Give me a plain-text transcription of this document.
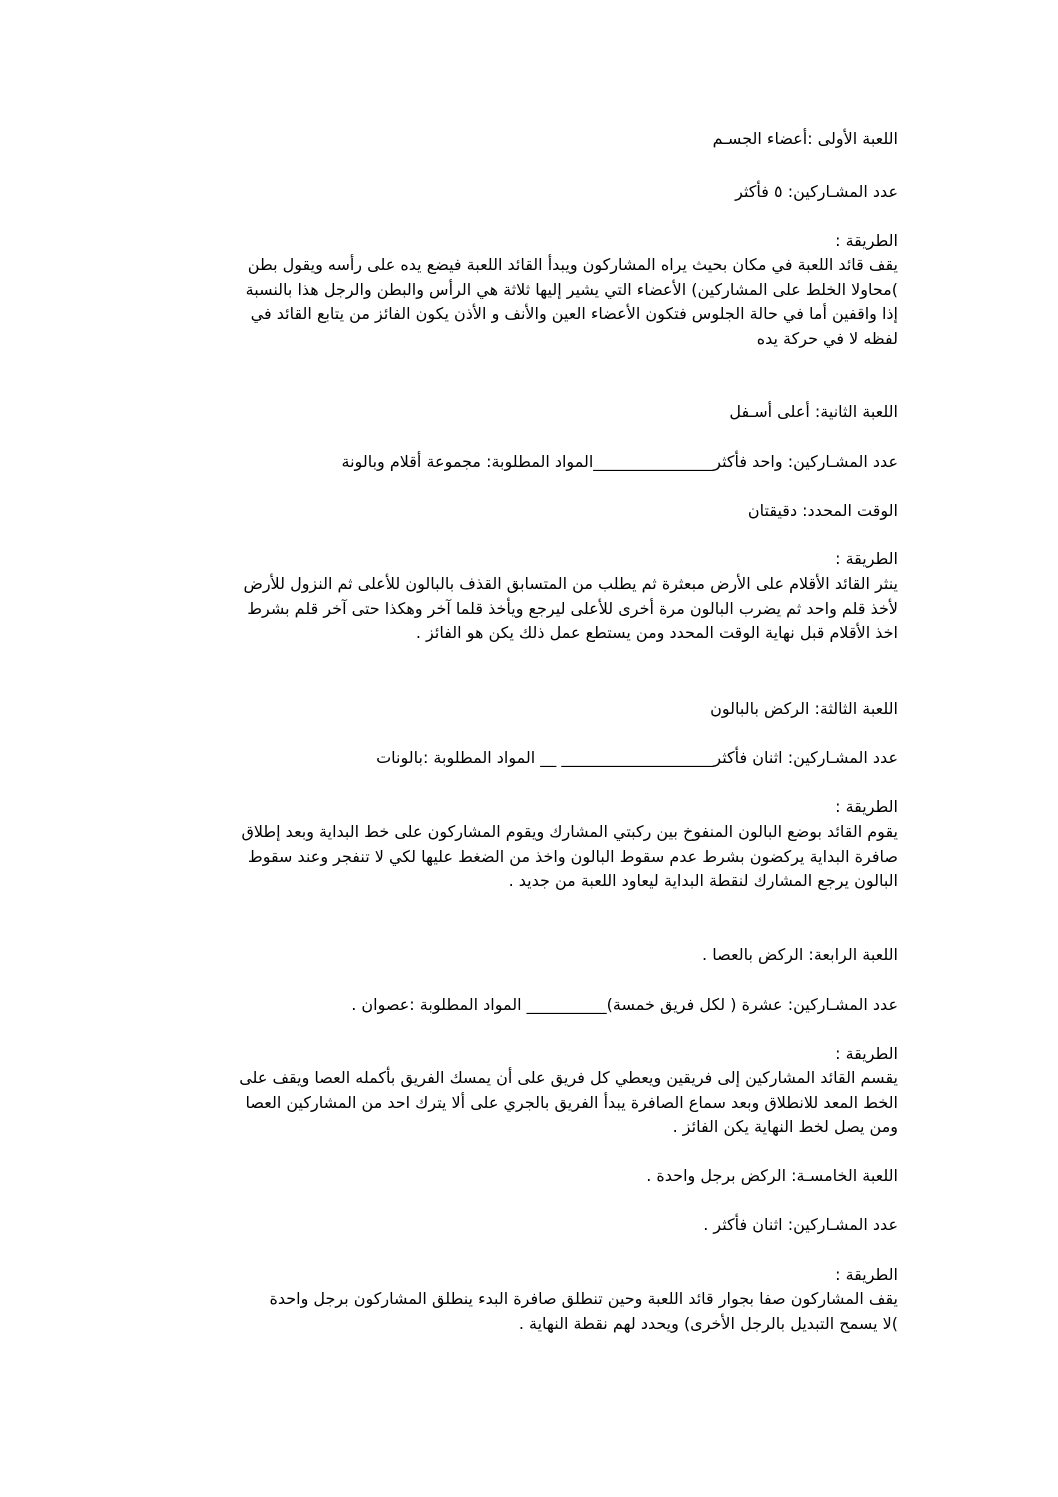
اللعبة الأولى :أعضاء الجسـم
عدد المشـاركين: ٥ فأكثر
الطريقة :
يقف قائد اللعبة في مكان بحيث يراه المشاركون ويبدأ القائد اللعبة فيضع يده على رأسه ويقول بطن
)محاولا الخلط على المشاركين) الأعضاء التي يشير إليها ثلاثة هي الرأس والبطن والرجل هذا بالنسبة
إذا واقفين أما في حالة الجلوس فتكون الأعضاء العين والأنف و الأذن يكون الفائز من يتابع القائد في
لفظه لا في حركة يده
اللعبة الثانية: أعلى أسـفل
عدد المشـاركين: واحد فأكثر_______________المواد المطلوبة: مجموعة أقلام وبالونة
الوقت المحدد: دقيقتان
الطريقة :
ينثر القائد الأقلام على الأرض مبعثرة ثم يطلب من المتسابق القذف بالبالون للأعلى ثم النزول للأرض
لأخذ قلم واحد ثم يضرب البالون مرة أخرى للأعلى ليرجع ويأخذ قلما آخر وهكذا حتى آخر قلم بشرط
اخذ الأقلام قبل نهاية الوقت المحدد ومن يستطع عمل ذلك يكن هو الفائز .
اللعبة الثالثة: الركض بالبالون
عدد المشـاركين: اثنان فأكثر___________________ __ المواد المطلوبة :بالونات
الطريقة :
يقوم القائد بوضع البالون المنفوخ بين ركبتي المشارك ويقوم المشاركون على خط البداية وبعد إطلاق
صافرة البداية يركضون بشرط عدم سقوط البالون واخذ من الضغط عليها لكي لا تنفجر وعند سقوط
البالون يرجع المشارك لنقطة البداية ليعاود اللعبة من جديد .
اللعبة الرابعة: الركض بالعصا .
عدد المشـاركين: عشرة ( لكل فريق خمسة)__________ المواد المطلوبة :عصوان .
الطريقة :
يقسم القائد المشاركين إلى فريقين ويعطي كل فريق على أن يمسك الفريق بأكمله العصا ويقف على
الخط المعد للانطلاق وبعد سماع الصافرة يبدأ الفريق بالجري على ألا يترك احد من المشاركين العصا
ومن يصل لخط النهاية يكن الفائز .
اللعبة الخامسـة: الركض برجل واحدة .
عدد المشـاركين: اثنان فأكثر .
الطريقة :
يقف المشاركون صفا بجوار قائد اللعبة وحين تنطلق صافرة البدء ينطلق المشاركون برجل واحدة
)لا يسمح التبديل بالرجل الأخرى) ويحدد لهم نقطة النهاية .
